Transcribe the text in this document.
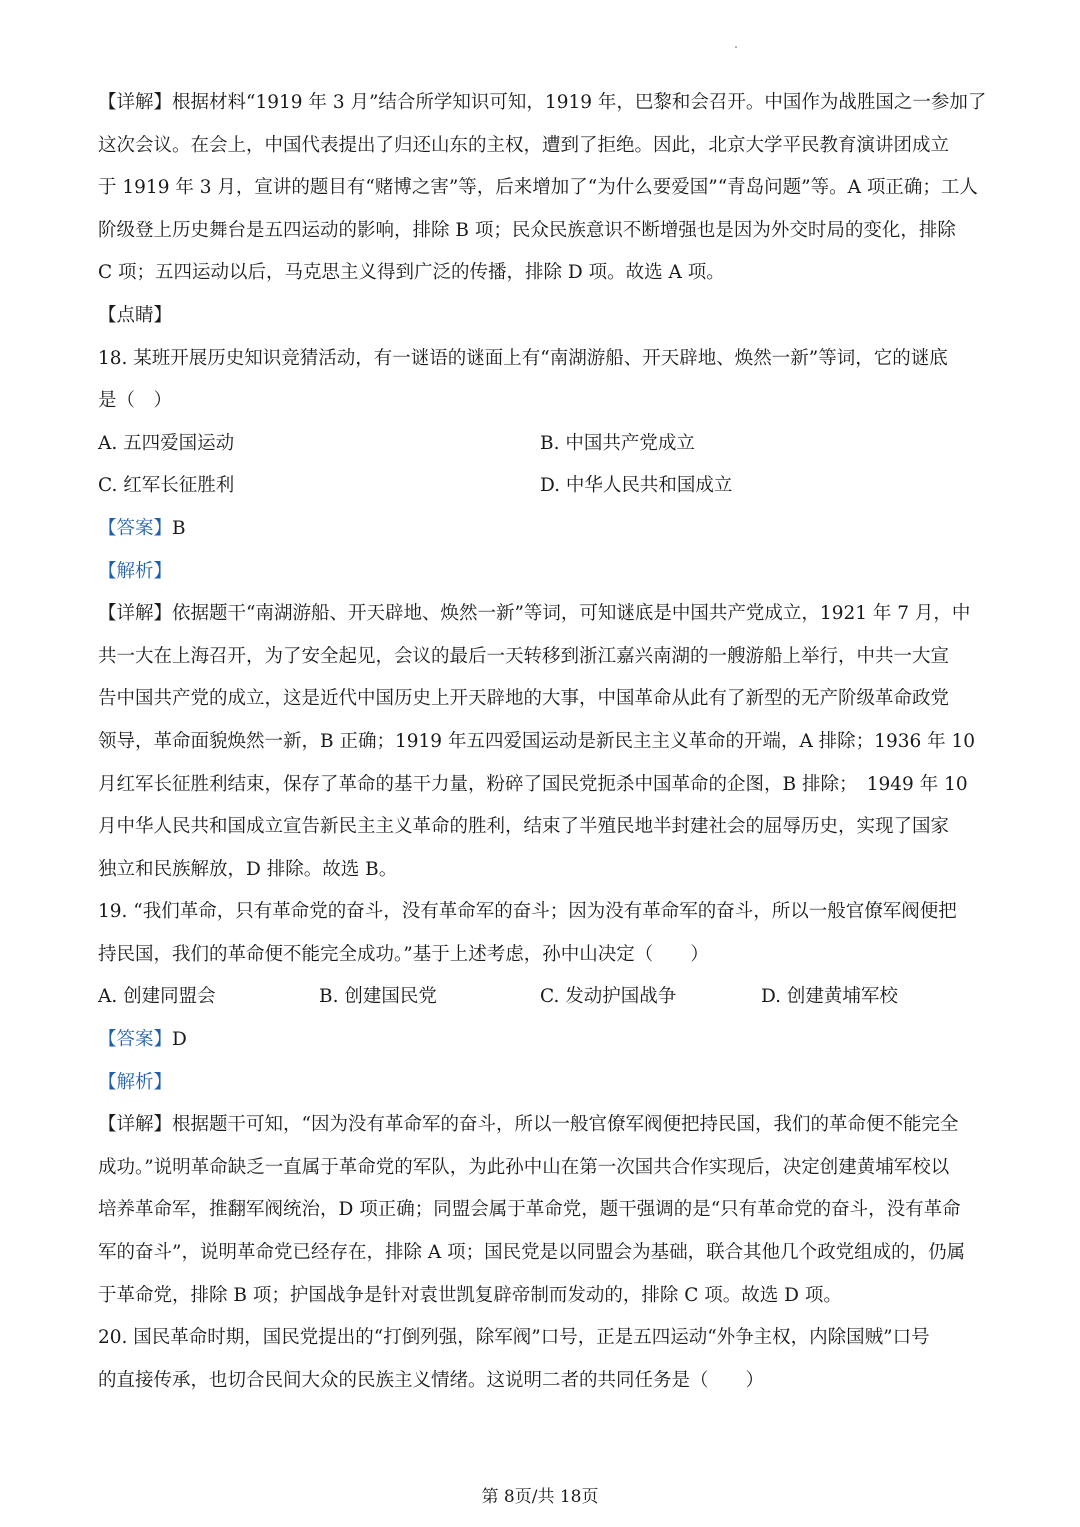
【详解】根据材料“1919 年 3 月”结合所学知识可知，1919 年，巴黎和会召开。中国作为战胜国之一参加了
这次会议。在会上，中国代表提出了归还山东的主权，遭到了拒绝。因此，北京大学平民教育演讲团成立
于 1919 年 3 月，宣讲的题目有“赌博之害”等，后来增加了“为什么要爱国”“青岛问题”等。A 项正确；工人
阶级登上历史舞台是五四运动的影响，排除 B 项；民众民族意识不断增强也是因为外交时局的变化，排除
C 项；五四运动以后，马克思主义得到广泛的传播，排除 D 项。故选 A 项。
【点睛】
18. 某班开展历史知识竞猜活动，有一谜语的谜面上有“南湖游船、开天辟地、焕然一新”等词，它的谜底
是（　）
A. 五四爱国运动	B. 中国共产党成立
C. 红军长征胜利	D. 中华人民共和国成立
【答案】B
【解析】
【详解】依据题干“南湖游船、开天辟地、焕然一新”等词，可知谜底是中国共产党成立，1921 年 7 月，中
共一大在上海召开，为了安全起见，会议的最后一天转移到浙江嘉兴南湖的一艘游船上举行，中共一大宣
告中国共产党的成立，这是近代中国历史上开天辟地的大事，中国革命从此有了新型的无产阶级革命政党
领导，革命面貌焕然一新，B 正确；1919 年五四爱国运动是新民主主义革命的开端，A 排除；1936 年 10
月红军长征胜利结束，保存了革命的基干力量，粉碎了国民党扼杀中国革命的企图，B 排除；　1949 年 10
月中华人民共和国成立宣告新民主主义革命的胜利，结束了半殖民地半封建社会的屈辱历史，实现了国家
独立和民族解放，D 排除。故选 B。
19. “我们革命，只有革命党的奋斗，没有革命军的奋斗；因为没有革命军的奋斗，所以一般官僚军阀便把
持民国，我们的革命便不能完全成功。”基于上述考虑，孙中山决定（　　）
A. 创建同盟会	B. 创建国民党	C. 发动护国战争	D. 创建黄埔军校
【答案】D
【解析】
【详解】根据题干可知，“因为没有革命军的奋斗，所以一般官僚军阀便把持民国，我们的革命便不能完全
成功。”说明革命缺乏一直属于革命党的军队，为此孙中山在第一次国共合作实现后，决定创建黄埔军校以
培养革命军，推翻军阀统治，D 项正确；同盟会属于革命党，题干强调的是“只有革命党的奋斗，没有革命
军的奋斗”，说明革命党已经存在，排除 A 项；国民党是以同盟会为基础，联合其他几个政党组成的，仍属
于革命党，排除 B 项；护国战争是针对袁世凯复辟帝制而发动的，排除 C 项。故选 D 项。
20. 国民革命时期，国民党提出的“打倒列强，除军阀”口号，正是五四运动“外争主权，内除国贼”口号
的直接传承，也切合民间大众的民族主义情绪。这说明二者的共同任务是（　　）
第 8页/共 18页
